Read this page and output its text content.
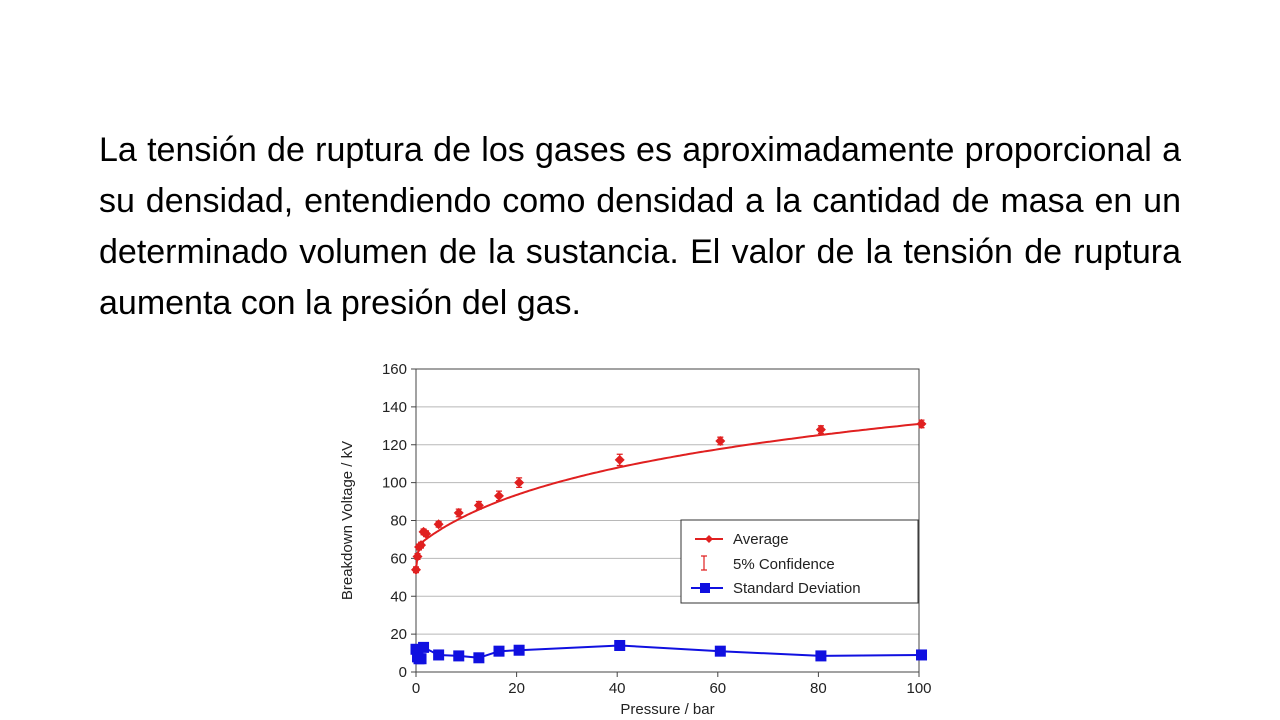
La tensión de ruptura de los gases es aproximadamente proporcional a su densidad, entendiendo como densidad a la cantidad de masa en un determinado volumen de la sustancia. El valor de la tensión de ruptura aumenta con la presión del gas.
0
20
40
60
80
100
120
140
160
0	20	40	60	80	100
Breakdown Voltage / kV
Pressure / bar
Average
5% Confidence
Standard Deviation
